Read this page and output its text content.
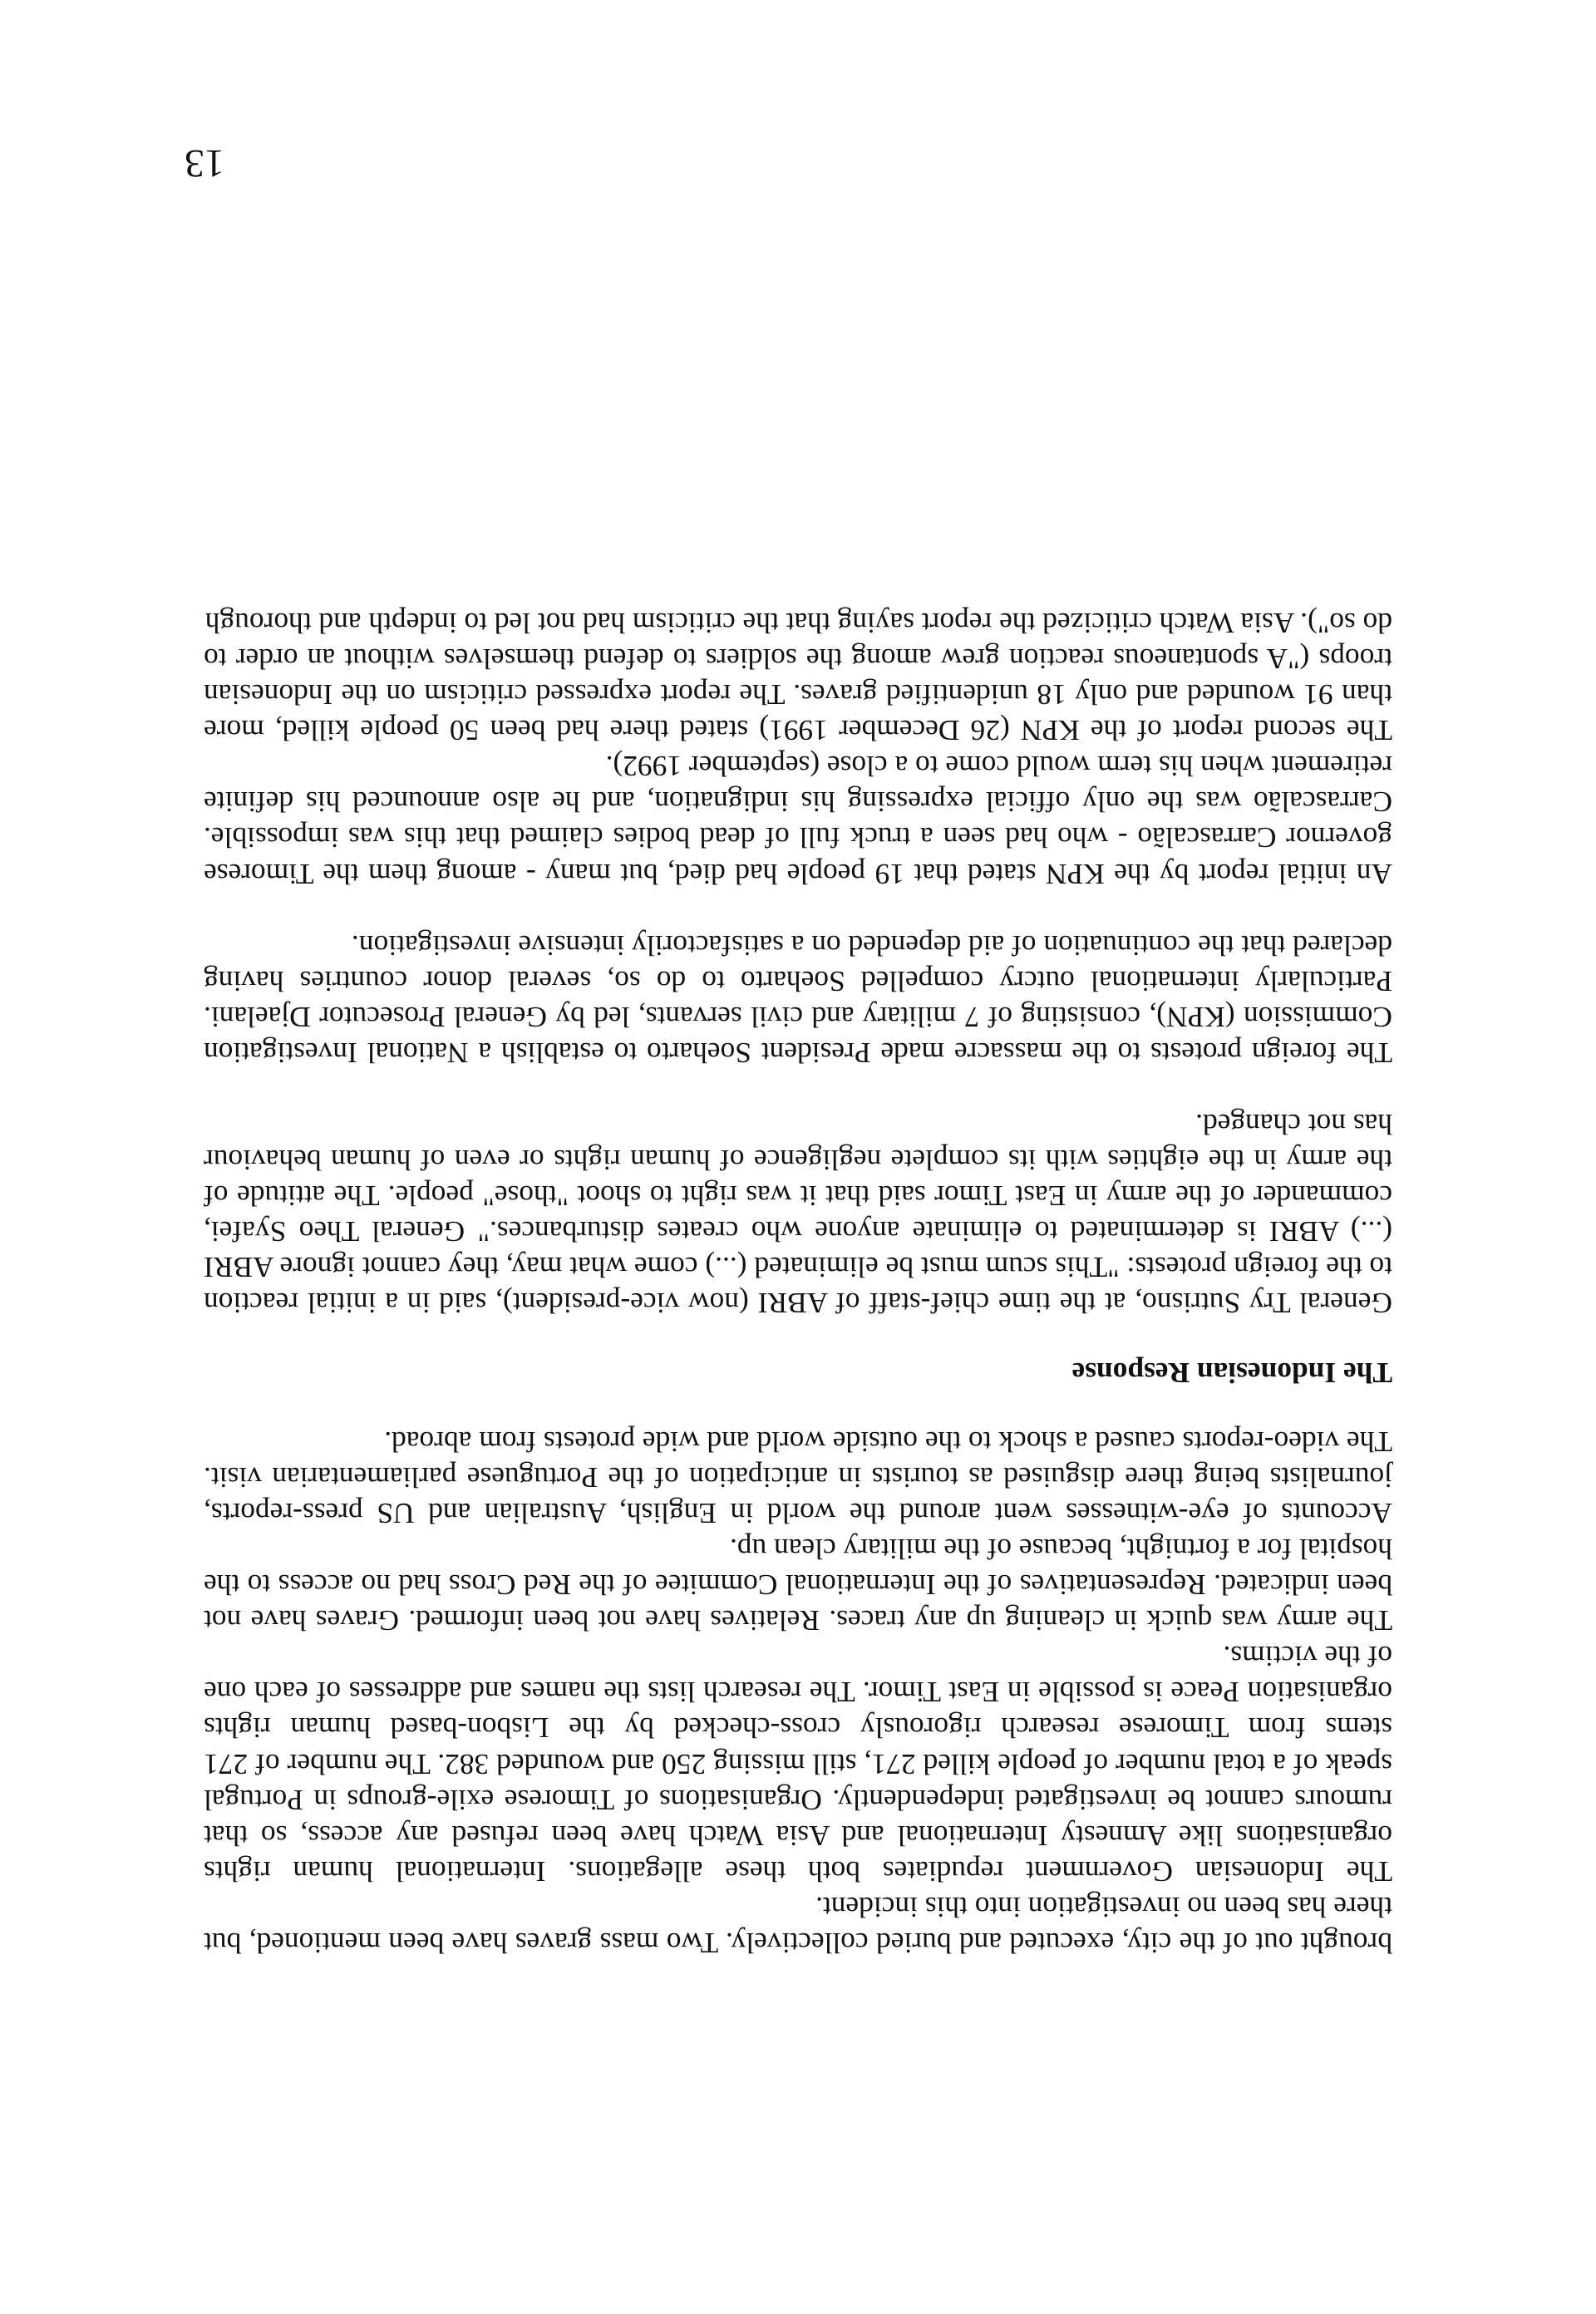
brought out of the city, executed and buried collectively. Two mass graves have been mentioned, but there has been no investigation into this incident.

The Indonesian Government repudiates both these allegations. International human rights organisations like Amnesty International and Asia Watch have been refused any access, so that rumours cannot be investigated independently. Organisations of Timorese exile-groups in Portugal speak of a total number of people killed 271, still missing 250 and wounded 382. The number of 271 stems from Timorese research rigorously cross-checked by the Lisbon-based human rights organisation Peace is possible in East Timor. The research lists the names and addresses of each one of the victims.

The army was quick in cleaning up any traces. Relatives have not been informed. Graves have not been indicated. Representatives of the International Commitee of the Red Cross had no access to the hospital for a fortnight, because of the military clean up.

Accounts of eye-witnesses went around the world in English, Australian and US press-reports, journalists being there disguised as tourists in anticipation of the Portuguese parliamentarian visit. The video-reports caused a shock to the outside world and wide protests from abroad.

The Indonesian Response

General Try Sutrisno, at the time chief-staff of ABRI (now vice-president), said in a initial reaction to the foreign protests: "This scum must be eliminated (...) come what may, they cannot ignore ABRI (...) ABRI is determinated to eliminate anyone who creates disturbances." General Theo Syafei, commander of the army in East Timor said that it was right to shoot "those" people. The attitude of the army in the eighties with its complete negligence of human rights or even of human behaviour has not changed.

The foreign protests to the massacre made President Soeharto to establish a National Investigation Commission (KPN), consisting of 7 military and civil servants, led by General Prosecutor Djaelani. Particularly international outcry compelled Soeharto to do so, several donor countries having declared that the continuation of aid depended on a satisfactorily intensive investigation.

An initial report by the KPN stated that 19 people had died, but many - among them the Timorese governor Carrascalão - who had seen a truck full of dead bodies claimed that this was impossible. Carrascalão was the only official expressing his indignation, and he also announced his definite retirement when his term would come to a close (september 1992).

The second report of the KPN (26 December 1991) stated there had been 50 people killed, more than 91 wounded and only 18 unidentified graves. The report expressed criticism on the Indonesian troops ("A spontaneous reaction grew among the soldiers to defend themselves without an order to do so"). Asia Watch criticized the report saying that the criticism had not led to indepth and thorough

13
